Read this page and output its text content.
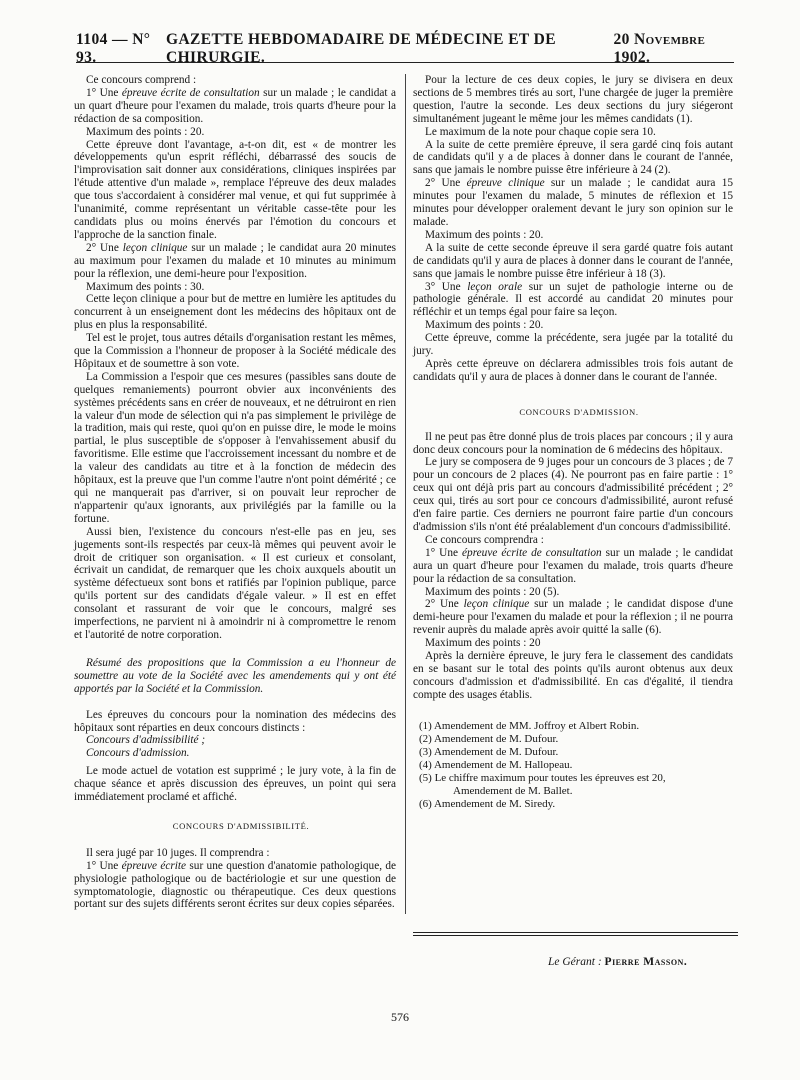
1104 — N° 93.
GAZETTE HEBDOMADAIRE DE MÉDECINE ET DE CHIRURGIE.
20 Novembre 1902.

Ce concours comprend :

1° Une épreuve écrite de consultation sur un malade ; le candidat a un quart d'heure pour l'examen du malade, trois quarts d'heure pour la rédaction de sa composition.

Maximum des points : 20.

Cette épreuve dont l'avantage, a-t-on dit, est « de montrer les développements qu'un esprit réfléchi, débarrassé des soucis de l'improvisation sait donner aux considérations, cliniques inspirées par l'étude attentive d'un malade », remplace l'épreuve des deux malades que tous s'accordaient à considérer mal venue, et qui fut supprimée à l'unanimité, comme représentant un véritable casse-tête pour les candidats plus ou moins énervés par l'émotion du concours et l'approche de la sanction finale.

2° Une leçon clinique sur un malade ; le candidat aura 20 minutes au maximum pour l'examen du malade et 10 minutes au minimum pour la réflexion, une demi-heure pour l'exposition.

Maximum des points : 30.

Cette leçon clinique a pour but de mettre en lumière les aptitudes du concurrent à un enseignement dont les médecins des hôpitaux ont de plus en plus la responsabilité.

Tel est le projet, tous autres détails d'organisation restant les mêmes, que la Commission a l'honneur de proposer à la Société médicale des Hôpitaux et de soumettre à son vote.

La Commission a l'espoir que ces mesures (passibles sans doute de quelques remaniements) pourront obvier aux inconvénients des systèmes précédents sans en créer de nouveaux, et ne détruiront en rien la valeur d'un mode de sélection qui n'a pas simplement le privilège de la tradition, mais qui reste, quoi qu'on en puisse dire, le mode le moins partial, le plus susceptible de s'opposer à l'envahissement abusif du favoritisme. Elle estime que l'accroissement incessant du nombre et de la valeur des candidats au titre et à la fonction de médecin des hôpitaux, est la preuve que l'un comme l'autre n'ont point démérité ; ce qui ne manquerait pas d'arriver, si on pouvait leur reprocher de n'appartenir qu'aux ignorants, aux privilégiés par la famille ou la fortune.

Aussi bien, l'existence du concours n'est-elle pas en jeu, ses jugements sont-ils respectés par ceux-là mêmes qui peuvent avoir le droit de critiquer son organisation. « Il est curieux et consolant, écrivait un candidat, de remarquer que les choix auxquels aboutit un système défectueux sont bons et ratifiés par l'opinion publique, parce qu'ils portent sur des candidats d'égale valeur. » Il est en effet consolant et rassurant de voir que le concours, malgré ses imperfections, ne parvient ni à amoindrir ni à compromettre le renom et l'autorité de notre corporation.

Résumé des propositions que la Commission a eu l'honneur de soumettre au vote de la Société avec les amendements qui y ont été apportés par la Société et la Commission.

Les épreuves du concours pour la nomination des médecins des hôpitaux sont réparties en deux concours distincts :

Concours d'admissibilité ;

Concours d'admission.

Le mode actuel de votation est supprimé ; le jury vote, à la fin de chaque séance et après discussion des épreuves, un point qui sera immédiatement proclamé et affiché.

CONCOURS D'ADMISSIBILITÉ.

Il sera jugé par 10 juges. Il comprendra :

1° Une épreuve écrite sur une question d'anatomie pathologique, de physiologie pathologique ou de bactériologie et sur une question de symptomatologie, diagnostic ou thérapeutique. Ces deux questions portant sur des sujets différents seront écrites sur deux copies séparées.

Pour la lecture de ces deux copies, le jury se divisera en deux sections de 5 membres tirés au sort, l'une chargée de juger la première question, l'autre la seconde. Les deux sections du jury siégeront simultanément jugeant le même jour les mêmes candidats (1).

Le maximum de la note pour chaque copie sera 10.

A la suite de cette première épreuve, il sera gardé cinq fois autant de candidats qu'il y a de places à donner dans le courant de l'année, sans que jamais le nombre puisse être inférieure à 24 (2).

2° Une épreuve clinique sur un malade ; le candidat aura 15 minutes pour l'examen du malade, 5 minutes de réflexion et 15 minutes pour développer oralement devant le jury son opinion sur le malade.

Maximum des points : 20.

A la suite de cette seconde épreuve il sera gardé quatre fois autant de candidats qu'il y aura de places à donner dans le courant de l'année, sans que jamais le nombre puisse être inférieur à 18 (3).

3° Une leçon orale sur un sujet de pathologie interne ou de pathologie générale. Il est accordé au candidat 20 minutes pour réfléchir et un temps égal pour faire sa leçon.

Maximum des points : 20.

Cette épreuve, comme la précédente, sera jugée par la totalité du jury.

Après cette épreuve on déclarera admissibles trois fois autant de candidats qu'il y aura de places à donner dans le courant de l'année.

CONCOURS D'ADMISSION.

Il ne peut pas être donné plus de trois places par concours ; il y aura donc deux concours pour la nomination de 6 médecins des hôpitaux.

Le jury se composera de 9 juges pour un concours de 3 places ; de 7 pour un concours de 2 places (4). Ne pourront pas en faire partie : 1° ceux qui ont déjà pris part au concours d'admissibilité précédent ; 2° ceux qui, tirés au sort pour ce concours d'admissibilité, auront refusé d'en faire partie. Ces derniers ne pourront faire partie d'un concours d'admission s'ils n'ont été préalablement d'un concours d'admissibilité.

Ce concours comprendra :

1° Une épreuve écrite de consultation sur un malade ; le candidat aura un quart d'heure pour l'examen du malade, trois quarts d'heure pour la rédaction de sa consultation.

Maximum des points : 20 (5).

2° Une leçon clinique sur un malade ; le candidat dispose d'une demi-heure pour l'examen du malade et pour la réflexion ; il ne pourra revenir auprès du malade après avoir quitté la salle (6).

Maximum des points : 20

Après la dernière épreuve, le jury fera le classement des candidats en se basant sur le total des points qu'ils auront obtenus aux deux concours d'admission et d'admissibilité. En cas d'égalité, il tiendra compte des usages établis.

(1) Amendement de MM. Joffroy et Albert Robin.

(2) Amendement de M. Dufour.

(3) Amendement de M. Dufour.

(4) Amendement de M. Hallopeau.

(5) Le chiffre maximum pour toutes les épreuves est 20,

Amendement de M. Ballet.

(6) Amendement de M. Siredy.

Le Gérant : Pierre Masson.
576
